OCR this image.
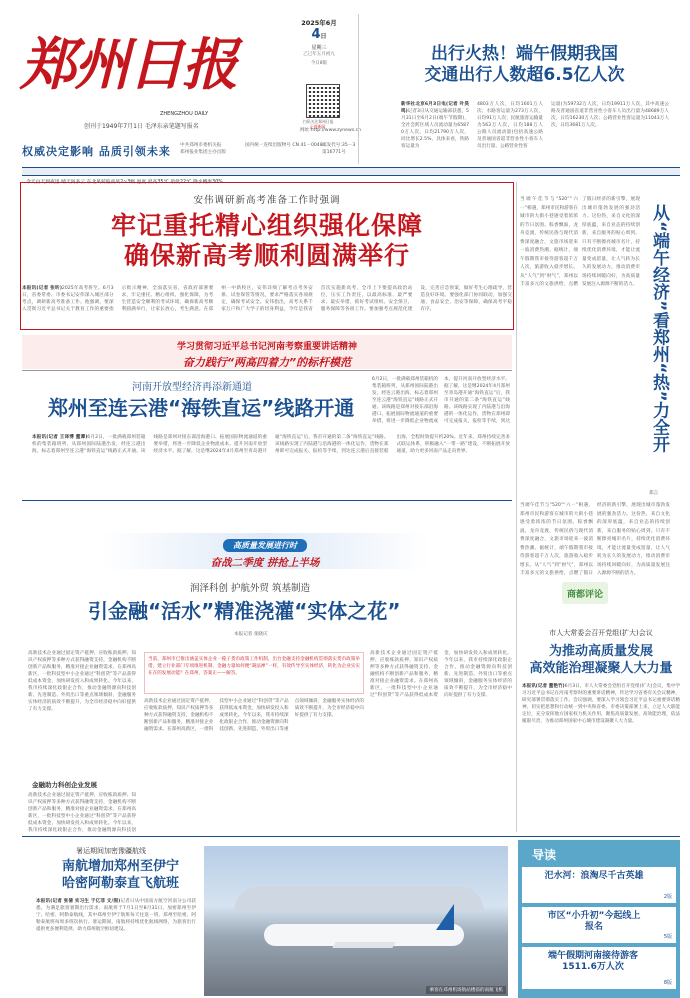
郑州日报
ZHENGZHOU DAILY
创刊于1949年7月1日 毛泽东亲笔题写报名
权威决定影响 品质引领未来 中共郑州市委机关报
郑州报业集团主办出版
国内统一连续出版物号 CN 41－0048 邮发代号:35－3
第16771号
网址:http://www.zynews.cn
2025年6月
4日
星期三
乙巳年五月初九
今日8版
扫码关注郑州日报
正观新闻
出行火热！端午假期我国
交通出行人数超6.5亿人次
新华社北京6月3日电(记者 叶昊鸣)记者3日从交通运输部获悉，5月31日至6月2日(端午节假期)，全社会跨区域人员流动量为65870万人次，日均21790万人次，同比增长2.5%，具体来看，铁路客运量为
4803万人次，日均1601万人次；水路客运量为273万人次，日均91万人次；民航旅客运输量为563万人次，日均188万人
公路人员流动量(包括高速公路及普通国省道非营业性小客车人员出行量、公路营业性客
运量)为59732万人次，日均19911万人次，其中高速公路及普通国省道非营业性小客车人员出行量为48689万人次，日均16230万人次；公路营业性客运量为11043万人次，日均3681万人次。
今天白天到夜里 晴天间多云 东北风转偏南风2~3级 温度 最高35℃ 最低22℃ 降水概率30%
安伟调研新高考准备工作时强调
牢记重托精心组织强化保障
确保新高考顺利圆满举行
本报讯(记者 张昕)2025年高考将至。6月3日，省委常委、市委书记安伟深入城区部分考点，调研新高考准备工作。他强调，要深入贯彻习近平总书记关于教育工作的重要指示批示精神，全面落实省、省政府部署要求，牢记重托、精心组织、强化保障，为考生营造安全顺利的考试环境，确保新高考顺利圆满举行，让家长放心，考生满意。在郑州一中新校区，安伟详细了解考点考务安排、试卷保管等情况，要求严格落实各项规定，确保考试安全。安伟指出，高考关系千家万户和广大学子的切身利益，今年是我省首次实施新高考，全市上下要提高政治站位，压实工作责任，以最高标准、最严要求、最实举措，抓好考试组织、安全保卫、服务保障等各项工作。要加强考点规范化建设，完善应急预案，做好考生心理疏导，营造良好环境。要强化部门协同联动，加强交通、食品安全、治安等保障，确保高考平稳有序。
学习贯彻习近平总书记河南考察重要讲话精神
奋力践行“两高四着力”的标杆模范
河南开放型经济再添新通道
郑州至连云港“海铁直运”线路开通
6月2日，一批满载郑州装箱机的集装箱班列，从郑州国际陆港出发，经连云港出海，标志着郑州至连云港“海铁直运”线路正式开通。该线路是郑州对接东部沿海港口、拓展国际物流通道的重要举措，将进一步降低企业物流成本，提升河南开放型经济水平。据了解，这是继2024年4月郑州至青岛港开通“海铁直运”后，我市开通的第二条“海铁直运”线路。该线路实现了内陆港与沿海港的一体化运作，货物在郑州即可完成报关、报检等手续，到达
本报讯(记者 王译博 董谭)6月2日，一批满载郑州装箱机的集装箱班列，从郑州国际陆港出发，经连云港出海，标志着郑州至连云港“海铁直运”线路正式开通。该线路是郑州对接东部沿海港口、拓展国际物流通道的重要举措，将进一步降低企业物流成本，提升河南开放型经济水平。据了解，这是继2024年4月郑州至青岛港开通“海铁直运”后，我市开通的第二条“海铁直运”线路。该线路实现了内陆港与沿海港的一体化运作，货物在郑州即可完成报关、报检等手续，到达连云港后直接装船出海，全程时效提升约20%。近年来，郑州持续完善多式联运体系，积极融入“一带一路”建设，不断拓展开放通道，助力更多河南产品走向世界。
当端午佳节与“520”“六一”相遇，郑州市民和游客在城市的大街小巷感受着浓浓的节日氛围。粽香飘溢，龙舟竞渡，传统民俗与现代消费深度融合，文旅市场迎来一波消费热潮。据统计，端午假期我市接待游客超千万人次，旅游收入稳步增长。从“人气”到“财气”，郑州以丰富多元的文旅供给，点燃了假日经济的新引擎，展现出城市蓬勃发展的强劲活力。这份热，来自文化的深厚底蕴，来自业态的持续创新，来自服务的贴心周到。只有不断擦亮城市名片，持续优化消费环境，才能让流量变成留量，让人气转为长久的发展动力，推动消费市场持续回暖向好，为高质量发展注入源源不断的活力。 从“端午经济”看郑州“热”力全开
郑言
当端午佳节与“520”“六一”相遇，郑州市民和游客在城市的大街小巷感受着浓浓的节日氛围。粽香飘溢，龙舟竞渡，传统民俗与现代消费深度融合，文旅市场迎来一波消费热潮。据统计，端午假期我市接待游客超千万人次，旅游收入稳步增长。从“人气”到“财气”，郑州以丰富多元的文旅供给，点燃了假日经济的新引擎，展现出城市蓬勃发展的强劲活力。这份热，来自文化的深厚底蕴，来自业态的持续创新，来自服务的贴心周到。只有不断擦亮城市名片，持续优化消费环境，才能让流量变成留量，让人气转为长久的发展动力，推动消费市场持续回暖向好，为高质量发展注入源源不断的活力。
商都评论
高质量发展进行时
奋战二季度 拼抢上半场
润泽科创 护航外贸 筑基制造
引金融“活水”精准浇灌“实体之花”
本报记者 张晓庆
高新技术企业通过固定资产抵押、应收账款质押、知识产权质押等多种方式获得融资支持，金融机构不断创新产品和服务，精准对接企业融资需求。在郑州高新区，一批科技型中小企业通过“科创贷”等产品获得低成本资金，加快研发投入和成果转化。今年以来，我市持续深化政银企合作，推动金融资源向科技创新、先进制造、外贸出口等重点领域倾斜，金融服务实体经济的质效不断提升，为全市经济稳中向好提供了有力支撑。
当前，郑州市已推出涵盖实体企业一揽子货币政策工作机制，出台金融支持金融机构贯彻落实货币政策举措，建立行业部门专项推进机制，金融力量如何便“凝法禅”一样，有效传导至实体经济，转化为企业实实在在的发展动能？在郑州，答案正——解答。
高新技术企业通过固定资产抵押、应收账款质押、知识产权质押等多种方式获得融资支持，金融机构不断创新产品和服务，精准对接企业融资需求。在郑州高新区，一批科技型中小企业通过“科创贷”等产品获得低成本资金，加快研发投入和成果转化。今年以来，我市持续深化政银企合作，推动金融资源向科技创新、先进制造、外贸出口等重点领域倾斜，金融服务实体经济的质效不断提升，为全市经济稳中向好提供了有力支撑。
高新技术企业通过固定资产抵押、应收账款质押、知识产权质押等多种方式获得融资支持，金融机构不断创新产品和服务，精准对接企业融资需求。在郑州高新区，一批科技型中小企业通过“科创贷”等产品获得低成本资金，加快研发投入和成果转化。今年以来，我市持续深化政银企合作，推动金融资源向科技创新、先进制造、外贸出口等重点领域倾斜，金融服务实体经济的质效不断提升，为全市经济稳中向好提供了有力支撑。
金融助力科创企业发展
高新技术企业通过固定资产抵押、应收账款质押、知识产权质押等多种方式获得融资支持，金融机构不断创新产品和服务，精准对接企业融资需求。在郑州高新区，一批科技型中小企业通过“科创贷”等产品获得低成本资金，加快研发投入和成果转化。今年以来，我市持续深化政银企合作，推动金融资源向科技创
市人大常委会召开党组(扩大)会议
为推动高质量发展
高效能治理凝聚人大力量
本报讯(记者 董艳竹)6月3日，市人大常委会党组召开党组(扩大)会议，集中学习习近平总书记在河南考察时的重要讲话精神，传达学习省委有关会议精神，研究部署贯彻落实工作。会议强调，要深入学习领会习近平总书记重要讲话精神，切实把思想和行动统一到中央和省委、市委决策部署上来，立足人大职能定位，充分发挥地方国家权力机关作用，聚焦高质量发展、高效能治理，依法履职尽责，为推动郑州国家中心城市建设凝聚人大力量。
暑运期间加密豫疆航线
南航增加郑州至伊宁
哈密阿勒泰直飞航班
本报讯(记者 张倩 实习生 于亿菲 文/图)记者日从中国南方航空河南分公司获悉，为满足旅客暑期出行需求，南航将于7月1日至8月31日，加密郑州至伊宁、哈密、阿勒泰航线，其中郑州至伊宁航班每天往返一班，郑州至哈密、阿勒泰航班每周多班次执行。暑运期间，南航将持续优化航线网络，为旅客出行提供更多便利选择，助力郑州航空枢纽建设。
乘客在郑州机场航站楼前的南航飞机
导读
汜水河：浪淘尽千古英雄
2版
市区“小升初”今起线上报名
5版
端午假期河南接待游客1511.6万人次
8版
